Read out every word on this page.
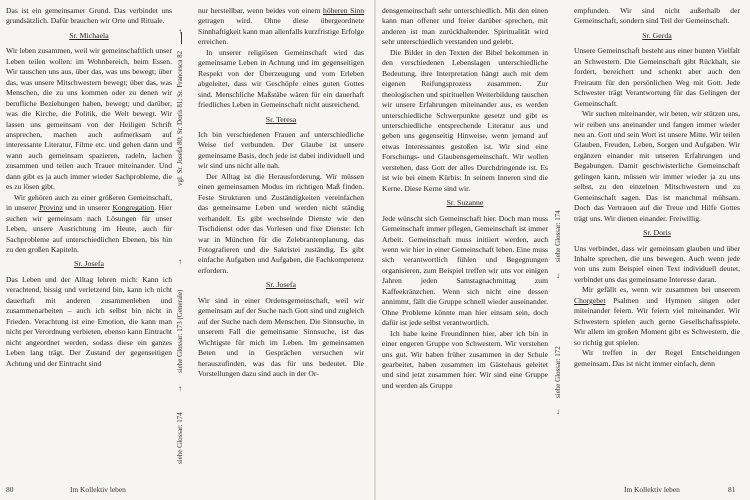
Das ist ein gemeinsamer Grund. Das verbindet uns grundsätzlich. Dafür brauchen wir Orte und Rituale.

Sr. Michaela

Wir leben zusammen, weil wir gemeinschaftlich unser Leben teilen wollen: im Wohnbereich, beim Essen. Wir tauschen uns aus, über das, was uns bewegt; über das, was unsere Mitschwestern bewegt; über das, was Menschen, die zu uns kommen oder zu denen wir berufliche Beziehungen haben, bewegt; und darüber, was die Kirche, die Politik, die Welt bewegt. Wir lassen uns gemeinsam von der Heiligen Schrift ansprechen, machen auch aufmerksam auf interessante Literatur, Filme etc. und gehen dann und wann auch gemeinsam spazieren, radeln, lachen zusammen und teilen auch Trauer miteinander. Und dann gibt es ja auch immer wieder Sachprobleme, die es zu lösen gibt.

Wir gehören auch zu einer größeren Gemeinschaft, in unserer Provinz und in unserer Kongregation. Hier suchen wir gemeinsam nach Lösungen für unser Leben, unsere Ausrichtung im Heute, auch für Sachprobleme auf unterschiedlichen Ebenen, bis hin zu den großen Kapiteln.

Sr. Josefa

Das Leben und der Alltag lehren mich: Kann ich verachtend, bissig und verletzend bin, kann ich nicht dauerhaft mit anderen zusammenleben und zusammenarbeiten – auch ich selbst bin nicht in Frieden. Verachtung ist eine Emotion, die kann man nicht per Verordnung verbieten, ebenso kann Eintracht nicht angeordnet werden, sodass diese ein ganzes Leben lang trägt. Der Zustand der gegenseitigen Achtung und der Eintracht sind

↑
vgl. Sr. Josefa 80; Sr. Doris 81; Sr. Francesca 82
↑
siehe Glossar: 173 (Generale)
↑
siehe Glossar: 174

nur herstellbar, wenn beides von einem höheren Sinn getragen wird. Ohne diese übergeordnete Sinnhaftigkeit kann man allenfalls kurzfristige Erfolge erreichen.

In unserer religiösen Gemeinschaft wird das gemeinsame Leben in Achtung und im gegenseitigen Respekt von der Überzeugung und vom Erleben abgeleitet, dass wir Geschöpfe eines guten Gottes sind. Menschliche Maßstäbe wären für ein dauerhaft friedliches Leben in Gemeinschaft nicht ausreichend.

Sr. Teresa

Ich bin verschiedenen Frauen auf unterschiedliche Weise tief verbunden. Der Glaube ist unsere gemeinsame Basis, doch jede ist dabei individuell und wir sind uns nicht alle nah.

Der Alltag ist die Herausforderung. Wir müssen einen gemeinsamen Modus im richtigen Maß finden. Feste Strukturen und Zuständigkeiten vereinfachen das gemeinsame Leben und werden nicht ständig verhandelt. Es gibt wechselnde Dienste wie den Tischdienst oder das Vorlesen und fixe Dienste: Ich war in München für die Zelebrantenplanung, das Fotografieren und die Sakristei zuständig. Es gibt einfache Aufgaben und Aufgaben, die Fachkompetenz erfordern.

Sr. Josefa

Wir sind in einer Ordensgemeinschaft, weil wir gemeinsam auf der Suche nach Gott sind und zugleich auf der Suche nach dem Menschen. Die Sinnsuche, in unserem Fall die gemeinsame Sinnsuche, ist das Wichtigste für mich im Leben. Im gemeinsamen Beten und in Gesprächen versuchen wir herauszufinden, was das für uns bedeutet. Die Vorstellungen dazu sind auch in der Or-

80	Im Kollektiv leben

densgemeinschaft sehr unterschiedlich. Mit den einen kann man offener und freier darüber sprechen, mit anderen ist man zurückhaltender. Spiritualität wird sehr unterschiedlich verstanden und gelebt.

Die Bilder in den Texten der Bibel bekommen in den verschiedenen Lebenslagen unterschiedliche Bedeutung, ihre Interpretation hängt auch mit dem eigenen Reifungsprozess zusammen. Zur theologischen und spirituellen Weiterbildung tauschen wir unsere Erfahrungen miteinander aus, es werden unterschiedliche Schwerpunkte gesetzt und gibt es unterschiedliche entsprechende Literatur aus und geben uns gegenseitig Hinweise, wenn jemand auf etwas Interessantes gestoßen ist. Wir sind eine Forschungs- und Glaubensgemeinschaft. Wir wollen verstehen, dass Gott der alles Durchdringende ist. Es ist wie bei einem Kürbis: In seinem Inneren sind die Kerne. Diese Kerne sind wir.

Sr. Suzanne

Jede wünscht sich Gemeinschaft hier. Doch man muss Gemeinschaft immer pflegen, Gemeinschaft ist immer Arbeit. Gemeinschaft muss initiiert werden, auch wenn wir hier in einer Gemeinschaft leben. Eine muss sich verantwortlich fühlen und Begegnungen organisieren, zum Beispiel treffen wir uns vor einigen Jahren jeden Samstagnachmittag zum Kaffeekränzchen. Wenn sich nicht eine dessen annimmt, fällt die Gruppe schnell wieder auseinander. Ohne Probleme könnte man hier einsam sein, doch dafür ist jede selbst verantwortlich.

Ich habe keine Freundinnen hier, aber ich bin in einer engeren Gruppe von Schwestern. Wir verstehen uns gut. Wir haben früher zusammen in der Schule gearbeitet, haben zusammen im Gästehaus geleitet und sind jetzt zusammen hier. Wir sind eine Gruppe und werden als Gruppe

siehe Glossar: 174
↓
siehe Glossar: 172
↓

empfunden. Wir sind nicht außerhalb der Gemeinschaft, sondern sind Teil der Gemeinschaft.

Sr. Gerda

Unsere Gemeinschaft besteht aus einer bunten Vielfalt an Schwestern. Die Gemeinschaft gibt Rückhalt, sie fordert, bereichert und schenkt aber auch den Freiraum für den persönlichen Weg mit Gott. Jede Schwester trägt Verantwortung für das Gelingen der Gemeinschaft.

Wir suchen miteinander, wir beten, wir stützen uns, wir reiben uns aneinander und fangen immer wieder neu an. Gott und sein Wort ist unsere Mitte. Wir teilen Glauben, Freuden, Leben, Sorgen und Aufgaben. Wir ergänzen einander mit unseren Erfahrungen und Begabungen. Damit geschwisterliche Gemeinschaft gelingen kann, müssen wir immer wieder ja zu uns selbst, zu den einzelnen Mitschwestern und zu Gemeinschaft sagen. Das ist manchmal mühsam. Doch das Vertrauen auf die Treue und Hilfe Gottes trägt uns. Wir dienen einander. Freiwillig.

Sr. Doris

Uns verbindet, dass wir gemeinsam glauben und über Inhalte sprechen, die uns bewegen. Auch wenn jede von uns zum Beispiel einen Text individuell deutet, verbindet uns das gemeinsame Interesse daran.

Mir gefällt es, wenn wir zusammen bei unserem Chorgebet Psalmen und Hymnen singen oder miteinander feiern. Wir feiern viel miteinander. Wir Schwestern spielen auch gerne Gesellschaftsspiele. Wir allem im großen Moment gibt es Schwestern, die so richtig gut spielen.

Wir treffen in der Regel Entscheidungen gemeinsam. Das ist nicht immer einfach, denn

Im Kollektiv leben	81
